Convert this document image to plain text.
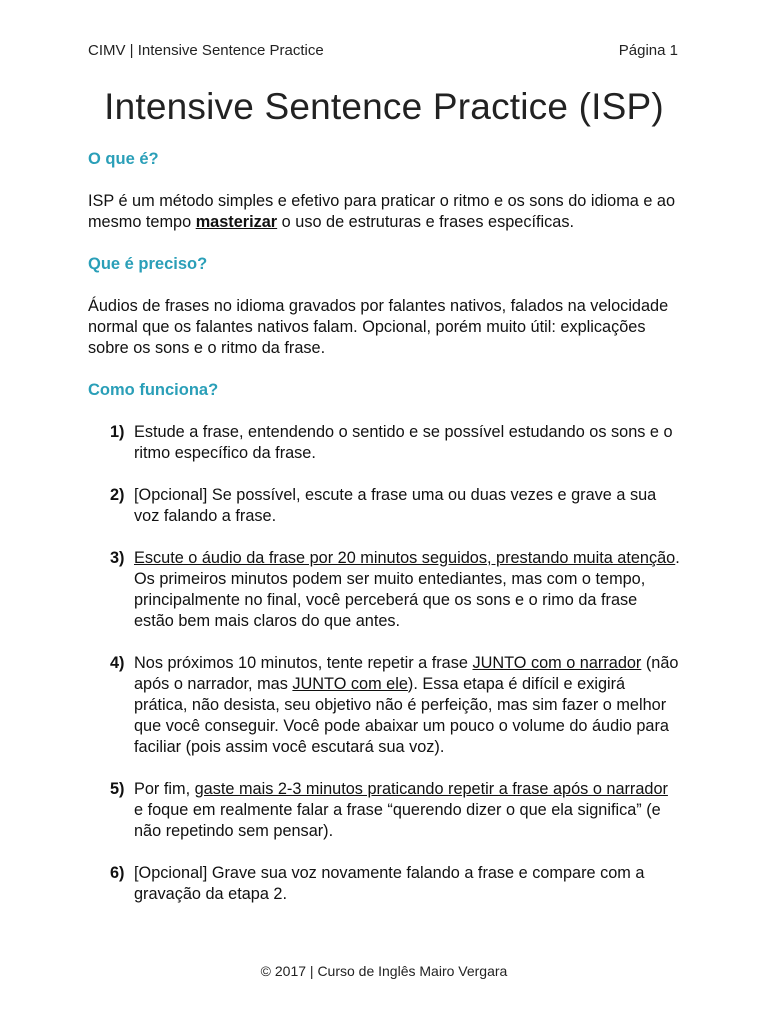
CIMV | Intensive Sentence Practice	Página 1
Intensive Sentence Practice (ISP)
O que é?

ISP é um método simples e efetivo para praticar o ritmo e os sons do idioma e ao mesmo tempo masterizar o uso de estruturas e frases específicas.

Que é preciso?

Áudios de frases no idioma gravados por falantes nativos, falados na velocidade normal que os falantes nativos falam. Opcional, porém muito útil: explicações sobre os sons e o ritmo da frase.

Como funciona?
1) Estude a frase, entendendo o sentido e se possível estudando os sons e o ritmo específico da frase.
2) [Opcional] Se possível, escute a frase uma ou duas vezes e grave a sua voz falando a frase.
3) Escute o áudio da frase por 20 minutos seguidos, prestando muita atenção. Os primeiros minutos podem ser muito entediantes, mas com o tempo, principalmente no final, você perceberá que os sons e o rimo da frase estão bem mais claros do que antes.
4) Nos próximos 10 minutos, tente repetir a frase JUNTO com o narrador (não após o narrador, mas JUNTO com ele). Essa etapa é difícil e exigirá prática, não desista, seu objetivo não é perfeição, mas sim fazer o melhor que você conseguir. Você pode abaixar um pouco o volume do áudio para faciliar (pois assim você escutará sua voz).
5) Por fim, gaste mais 2-3 minutos praticando repetir a frase após o narrador e foque em realmente falar a frase “querendo dizer o que ela significa” (e não repetindo sem pensar).
6) [Opcional] Grave sua voz novamente falando a frase e compare com a gravação da etapa 2.
© 2017 | Curso de Inglês Mairo Vergara
